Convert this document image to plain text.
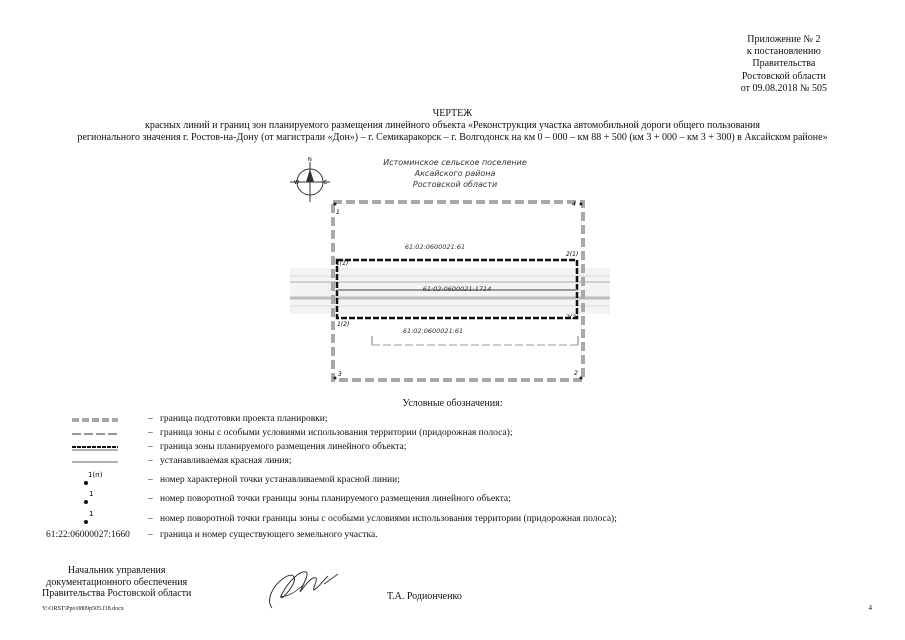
Приложение № 2
к постановлению
Правительства
Ростовской области
от 09.08.2018 № 505
ЧЕРТЕЖ
красных линий и границ зон планируемого размещения линейного объекта «Реконструкция участка автомобильной дороги общего пользования
регионального значения г. Ростов-на-Дону (от магистрали «Дон») – г. Семикаракорск – г. Волгодонск на км 0 – 000 – км 88 + 500 (км 3 + 000 – км 3 + 300) в Аксайском районе»
N
W	E
Истоминское сельское поселение
Аксайского района
Ростовской области
1
4
3	2
1(1)
2(1)
1(2)
2(2)
61:02:0600021:61
61:02:0600021:1714
61:02:0600021:61
Условные обозначения:
– граница подготовки проекта планировки;
– граница зоны с особыми условиями использования территории (придорожная полоса);
– граница зоны планируемого размещения линейного объекта;
– устанавливаемая красная линия;
1(п)	– номер характерной точки устанавливаемой красной линии;
1	– номер поворотной точки границы зоны планируемого размещения линейного объекта;
1	– номер поворотной точки границы зоны с особыми условиями использования территории (придорожная полоса);
61:22:06000027:1660 – граница и номер существующего земельного участка.
Начальник управления
документационного обеспечения
Правительства Ростовской области	Т.А. Родионченко
Y:\ORST\Ppo\0809p505.f18.docx	4
